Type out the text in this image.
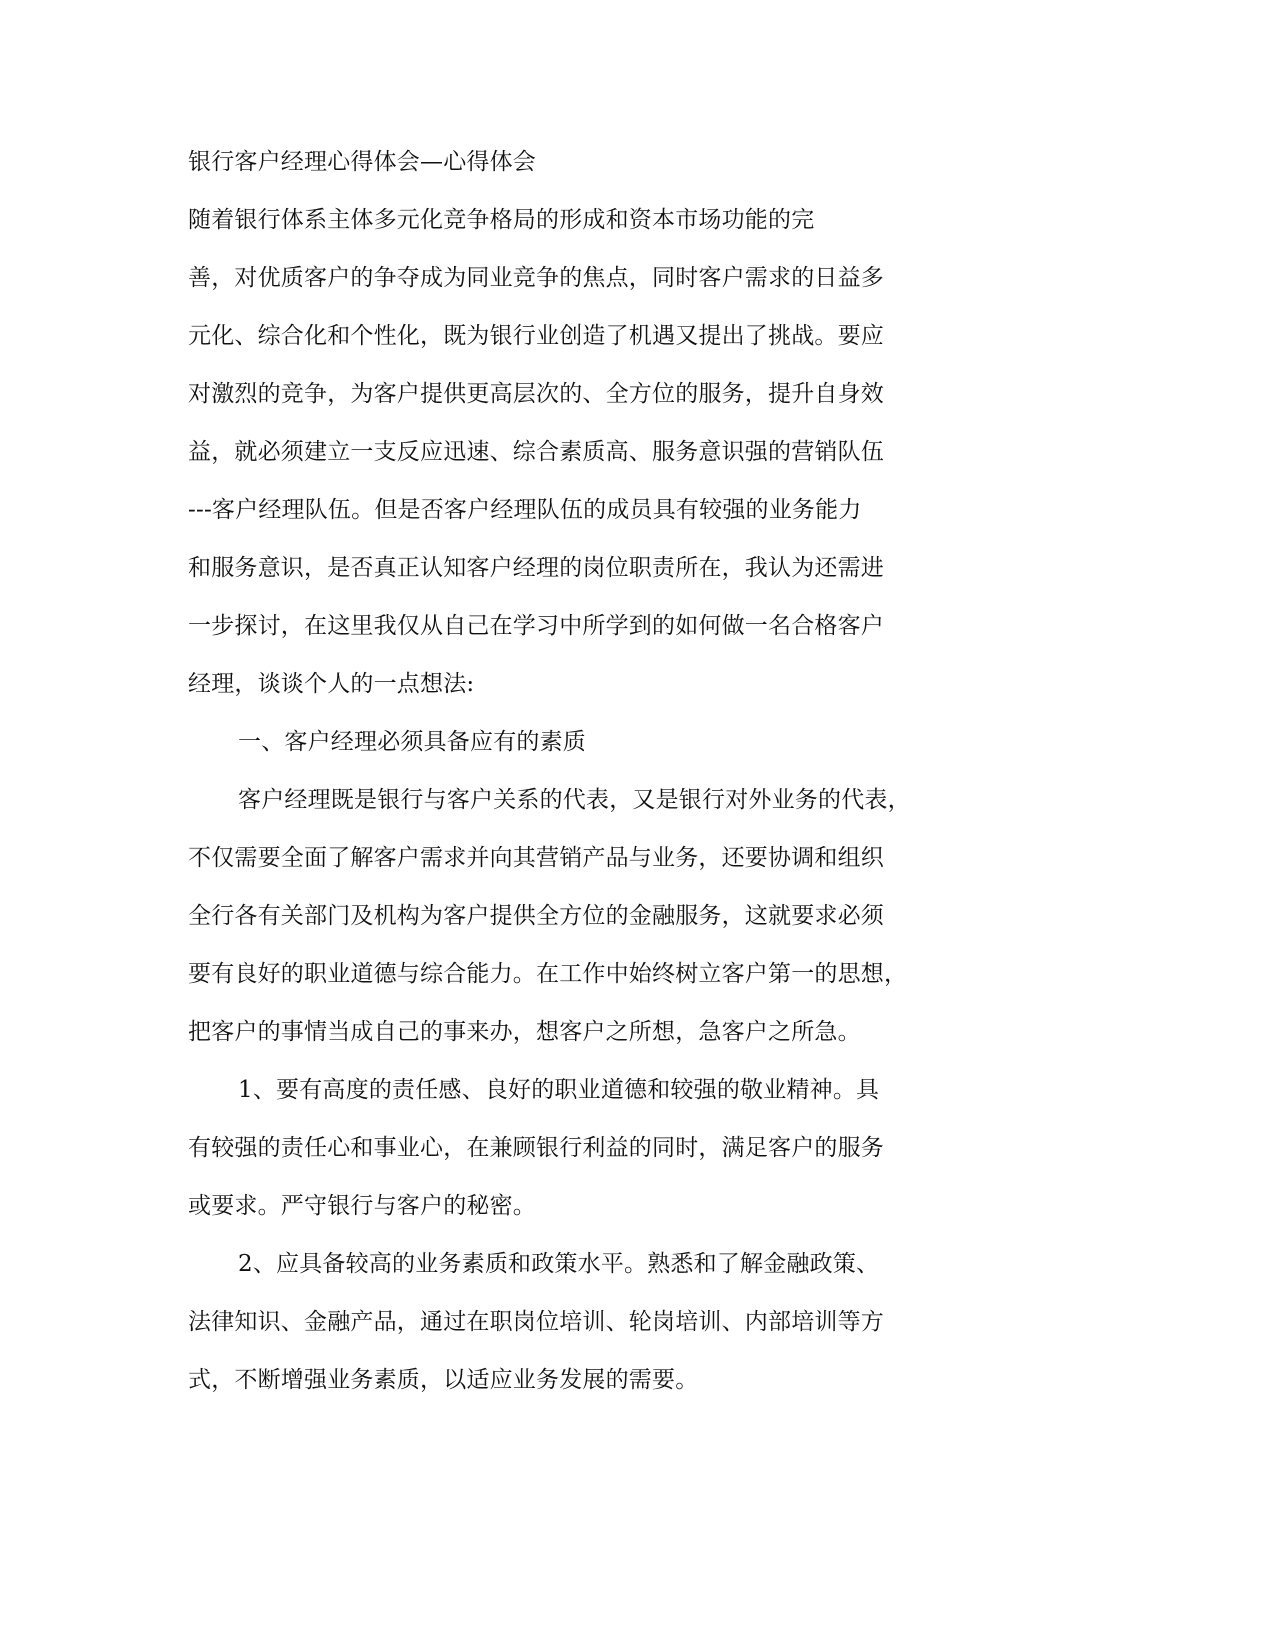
银行客户经理心得体会—心得体会
随着银行体系主体多元化竞争格局的形成和资本市场功能的完
善，对优质客户的争夺成为同业竞争的焦点，同时客户需求的日益多
元化、综合化和个性化，既为银行业创造了机遇又提出了挑战。要应
对激烈的竞争，为客户提供更高层次的、全方位的服务，提升自身效
益，就必须建立一支反应迅速、综合素质高、服务意识强的营销队伍
---客户经理队伍。但是否客户经理队伍的成员具有较强的业务能力
和服务意识，是否真正认知客户经理的岗位职责所在，我认为还需进
一步探讨，在这里我仅从自己在学习中所学到的如何做一名合格客户
经理，谈谈个人的一点想法:
一、客户经理必须具备应有的素质
客户经理既是银行与客户关系的代表，又是银行对外业务的代表，
不仅需要全面了解客户需求并向其营销产品与业务，还要协调和组织
全行各有关部门及机构为客户提供全方位的金融服务，这就要求必须
要有良好的职业道德与综合能力。在工作中始终树立客户第一的思想，
把客户的事情当成自己的事来办，想客户之所想，急客户之所急。
1、要有高度的责任感、良好的职业道德和较强的敬业精神。具
有较强的责任心和事业心，在兼顾银行利益的同时，满足客户的服务
或要求。严守银行与客户的秘密。
2、应具备较高的业务素质和政策水平。熟悉和了解金融政策、
法律知识、金融产品，通过在职岗位培训、轮岗培训、内部培训等方
式，不断增强业务素质，以适应业务发展的需要。
